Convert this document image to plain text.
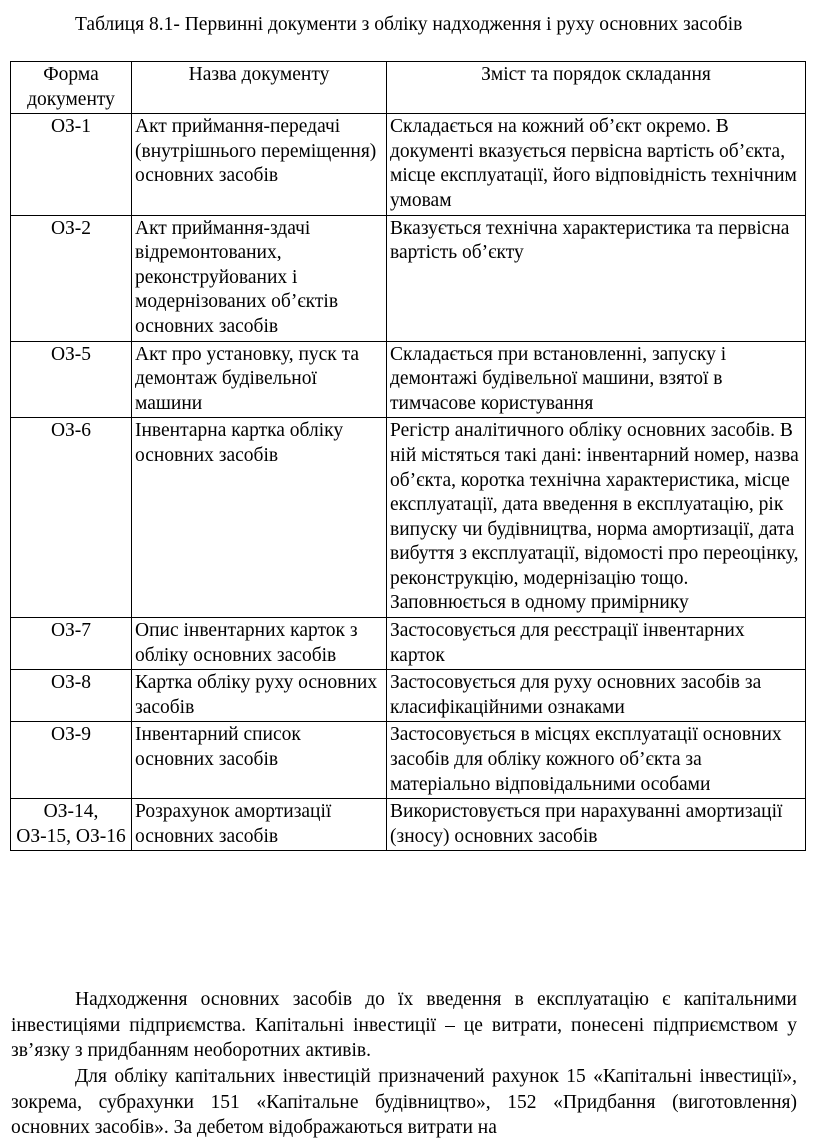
Таблиця 8.1- Первинні документи з обліку надходження і руху основних засобів
Форма документу	Назва документу	Зміст та порядок складання
ОЗ-1	Акт приймання-передачі (внутрішнього переміщення) основних засобів	Складається на кожний об’єкт окремо. В документі вказується первісна вартість об’єкта, місце експлуатації, його відповідність технічним умовам
ОЗ-2	Акт приймання-здачі відремонтованих, реконструйованих і модернізованих об’єктів основних засобів	Вказується технічна характеристика та первісна вартість об’єкту
ОЗ-5	Акт про установку, пуск та демонтаж будівельної машини	Складається при встановленні, запуску і демонтажі будівельної машини, взятої в тимчасове користування
ОЗ-6	Інвентарна картка обліку основних засобів	Регістр аналітичного обліку основних засобів. В ній містяться такі дані: інвентарний номер, назва об’єкта, коротка технічна характеристика, місце експлуатації, дата введення в експлуатацію, рік випуску чи будівництва, норма амортизації, дата вибуття з експлуатації, відомості про переоцінку, реконструкцію, модернізацію тощо. Заповнюється в одному примірнику
ОЗ-7	Опис інвентарних карток з обліку основних засобів	Застосовується для реєстрації інвентарних карток
ОЗ-8	Картка обліку руху основних засобів	Застосовується для руху основних засобів за класифікаційними ознаками
ОЗ-9	Інвентарний список основних засобів	Застосовується в місцях експлуатації основних засобів для обліку кожного об’єкта за матеріально відповідальними особами
ОЗ-14, ОЗ-15, ОЗ-16	Розрахунок амортизації основних засобів	Використовується при нарахуванні амортизації (зносу) основних засобів

Надходження основних засобів до їх введення в експлуатацію є капітальними інвестиціями підприємства. Капітальні інвестиції – це витрати, понесені підприємством у зв’язку з придбанням необоротних активів.

Для обліку капітальних інвестицій призначений рахунок 15 «Капітальні інвестиції», зокрема, субрахунки 151 «Капітальне будівництво», 152 «Придбання (виготовлення) основних засобів». За дебетом відображаються витрати на
